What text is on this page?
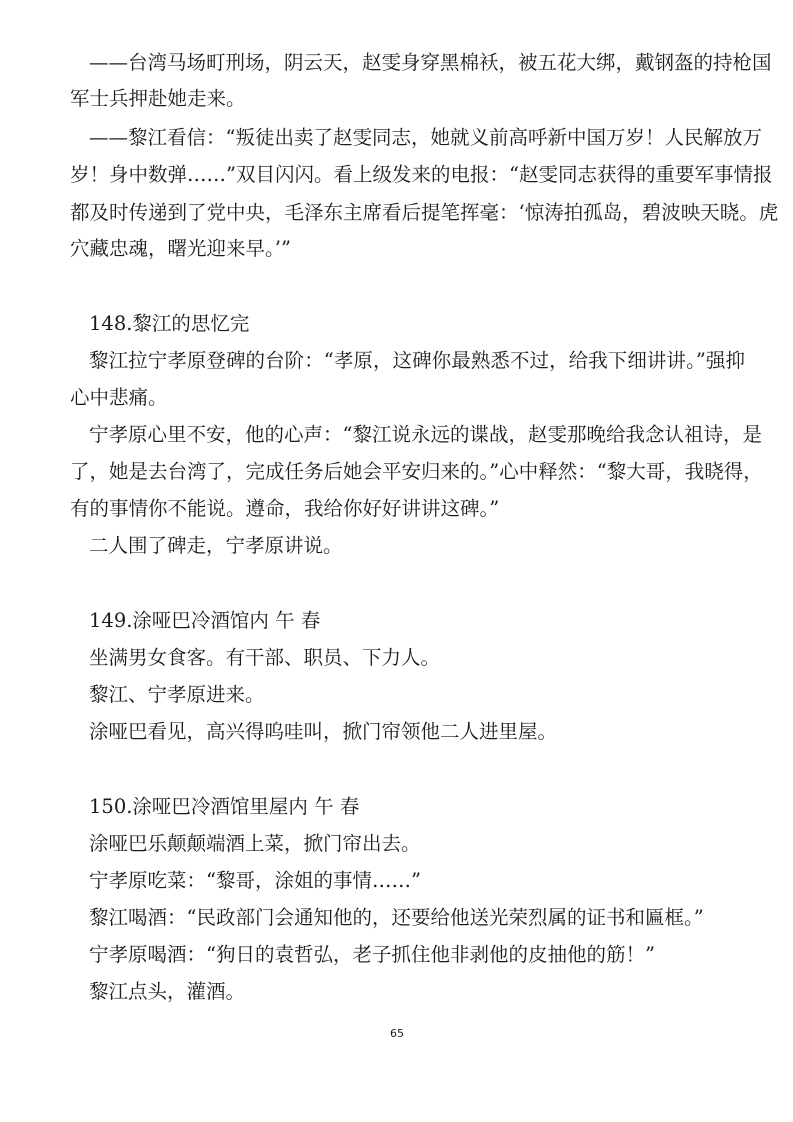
——台湾马场町刑场，阴云天，赵雯身穿黑棉袄，被五花大绑，戴钢盔的持枪国
军士兵押赴她走来。
——黎江看信：“叛徒出卖了赵雯同志，她就义前高呼新中国万岁！人民解放万
岁！身中数弹……”双目闪闪。看上级发来的电报：“赵雯同志获得的重要军事情报
都及时传递到了党中央，毛泽东主席看后提笔挥毫：‘惊涛拍孤岛，碧波映天晓。虎
穴藏忠魂，曙光迎来早。’”
148.黎江的思忆完
黎江拉宁孝原登碑的台阶：“孝原，这碑你最熟悉不过，给我下细讲讲。”强抑
心中悲痛。
宁孝原心里不安，他的心声：“黎江说永远的谍战，赵雯那晚给我念认祖诗，是
了，她是去台湾了，完成任务后她会平安归来的。”心中释然：“黎大哥，我晓得，
有的事情你不能说。遵命，我给你好好讲讲这碑。”
二人围了碑走，宁孝原讲说。
149.涂哑巴冷酒馆内 午 春
坐满男女食客。有干部、职员、下力人。
黎江、宁孝原进来。
涂哑巴看见，高兴得呜哇叫，掀门帘领他二人进里屋。
150.涂哑巴冷酒馆里屋内 午 春
涂哑巴乐颠颠端酒上菜，掀门帘出去。
宁孝原吃菜：“黎哥，涂姐的事情……”
黎江喝酒：“民政部门会通知他的，还要给他送光荣烈属的证书和匾框。”
宁孝原喝酒：“狗日的袁哲弘，老子抓住他非剥他的皮抽他的筋！”
黎江点头，灌酒。
65
